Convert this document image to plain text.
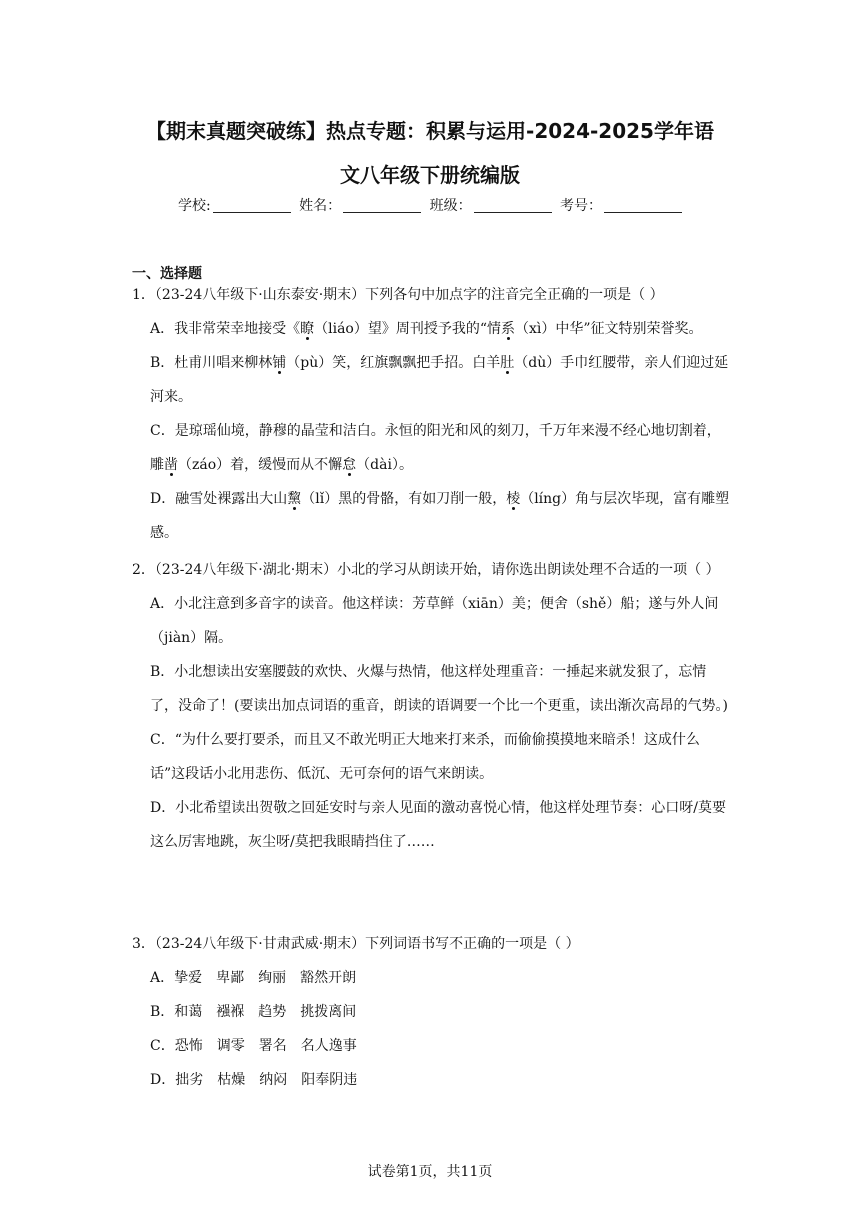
【期末真题突破练】热点专题：积累与运用-2024-2025学年语
文八年级下册统编版
学校:	姓名：	班级：	考号：
一、选择题
1．（23-24八年级下·山东泰安·期末）下列各句中加点字的注音完全正确的一项是（ ）
A．我非常荣幸地接受《瞭（liáo）望》周刊授予我的“情系（xì）中华”征文特别荣誉奖。
B．杜甫川唱来柳林铺（pù）笑，红旗飘飘把手招。白羊肚（dù）手巾红腰带，亲人们迎过延河来。
C．是琼瑶仙境，静穆的晶莹和洁白。永恒的阳光和风的刻刀，千万年来漫不经心地切割着，雕凿（záo）着，缓慢而从不懈怠（dài）。
D．融雪处裸露出大山黧（lǐ）黑的骨骼，有如刀削一般，棱（líng）角与层次毕现，富有雕塑感。
2．（23-24八年级下·湖北·期末）小北的学习从朗读开始，请你选出朗读处理不合适的一项（ ）
A．小北注意到多音字的读音。他这样读：芳草鲜（xiān）美；便舍（shě）船；遂与外人间（jiàn）隔。
B．小北想读出安塞腰鼓的欢快、火爆与热情，他这样处理重音：一捶起来就发狠了，忘情了，没命了！(要读出加点词语的重音，朗读的语调要一个比一个更重，读出渐次高昂的气势。)
C．“为什么要打要杀，而且又不敢光明正大地来打来杀，而偷偷摸摸地来暗杀！这成什么话”这段话小北用悲伤、低沉、无可奈何的语气来朗读。
D．小北希望读出贺敬之回延安时与亲人见面的激动喜悦心情，他这样处理节奏：心口呀/莫要这么厉害地跳，灰尘呀/莫把我眼睛挡住了……
3．（23-24八年级下·甘肃武威·期末）下列词语书写不正确的一项是（ ）
A．挚爱　卑鄙　绚丽　豁然开朗
B．和蔼　襁褓　趋势　挑拨离间
C．恐怖　调零　署名　名人逸事
D．拙劣　枯燥　纳闷　阳奉阴违
试卷第1页，共11页
